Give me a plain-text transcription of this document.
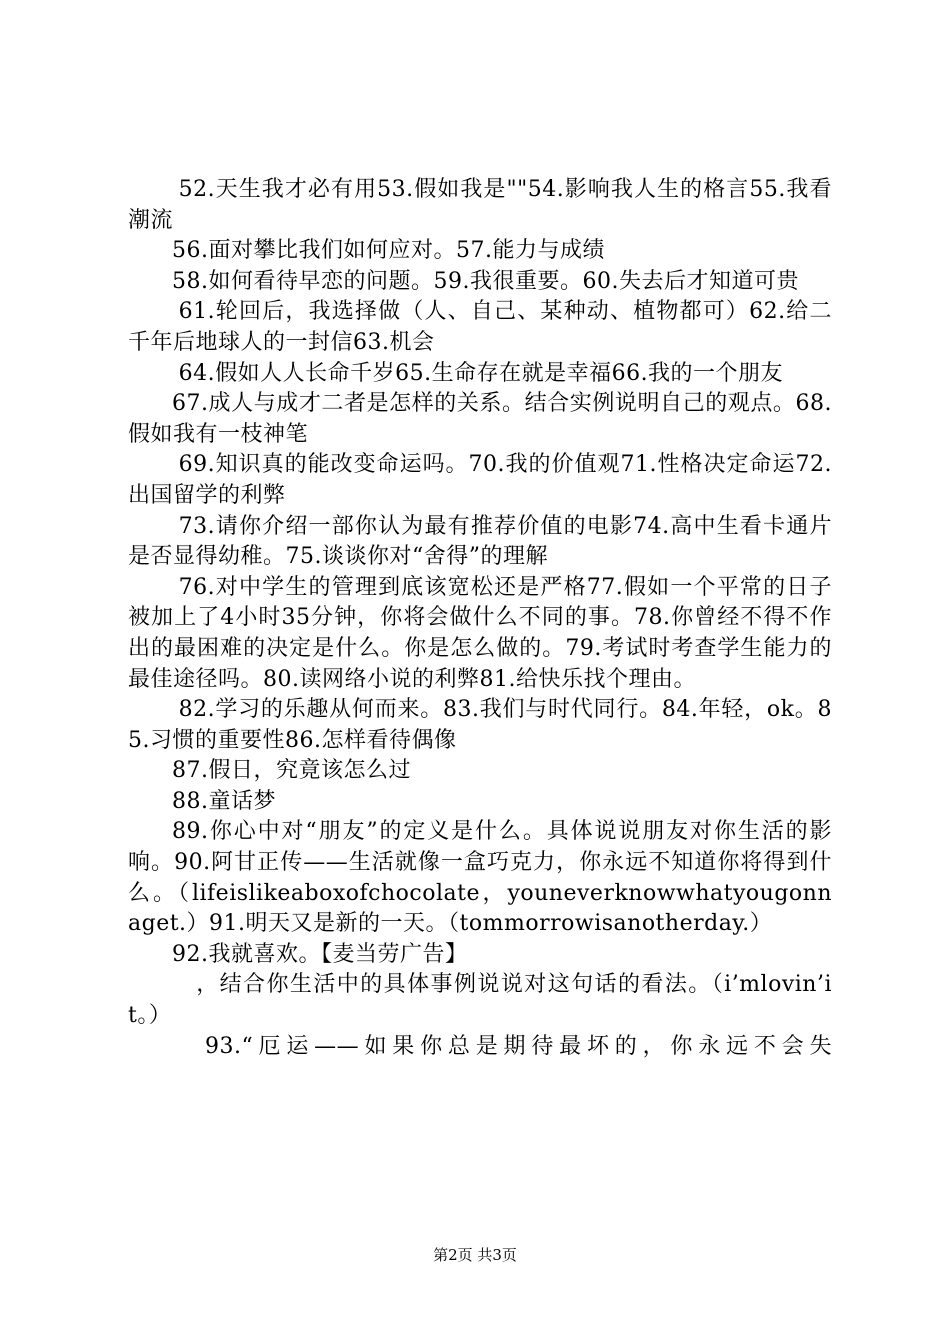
52.天生我才必有用53.假如我是""54.影响我人生的格言55.我看潮流

56.面对攀比我们如何应对。57.能力与成绩

58.如何看待早恋的问题。59.我很重要。60.失去后才知道可贵

61.轮回后，我选择做（人、自己、某种动、植物都可）62.给二千年后地球人的一封信63.机会

64.假如人人长命千岁65.生命存在就是幸福66.我的一个朋友

67.成人与成才二者是怎样的关系。结合实例说明自己的观点。68.假如我有一枝神笔

69.知识真的能改变命运吗。70.我的价值观71.性格决定命运72.出国留学的利弊

73.请你介绍一部你认为最有推荐价值的电影74.高中生看卡通片是否显得幼稚。75.谈谈你对“舍得”的理解

76.对中学生的管理到底该宽松还是严格77.假如一个平常的日子被加上了4小时35分钟，你将会做什么不同的事。78.你曾经不得不作出的最困难的决定是什么。你是怎么做的。79.考试时考查学生能力的最佳途径吗。80.读网络小说的利弊81.给快乐找个理由。

82.学习的乐趣从何而来。83.我们与时代同行。84.年轻，ok。85.习惯的重要性86.怎样看待偶像

87.假日，究竟该怎么过

88.童话梦

89.你心中对“朋友”的定义是什么。具体说说朋友对你生活的影响。90.阿甘正传——生活就像一盒巧克力，你永远不知道你将得到什么。（lifeislikeaboxofchocolate，youneverknowwhatyougonnaget.）91.明天又是新的一天。（tommorrowisanotherday.）

92.我就喜欢。【麦当劳广告】

，结合你生活中的具体事例说说对这句话的看法。（i’mlovin’it。）

93.“厄运——如果你总是期待最坏的，你永远不会失

第2页 共3页
